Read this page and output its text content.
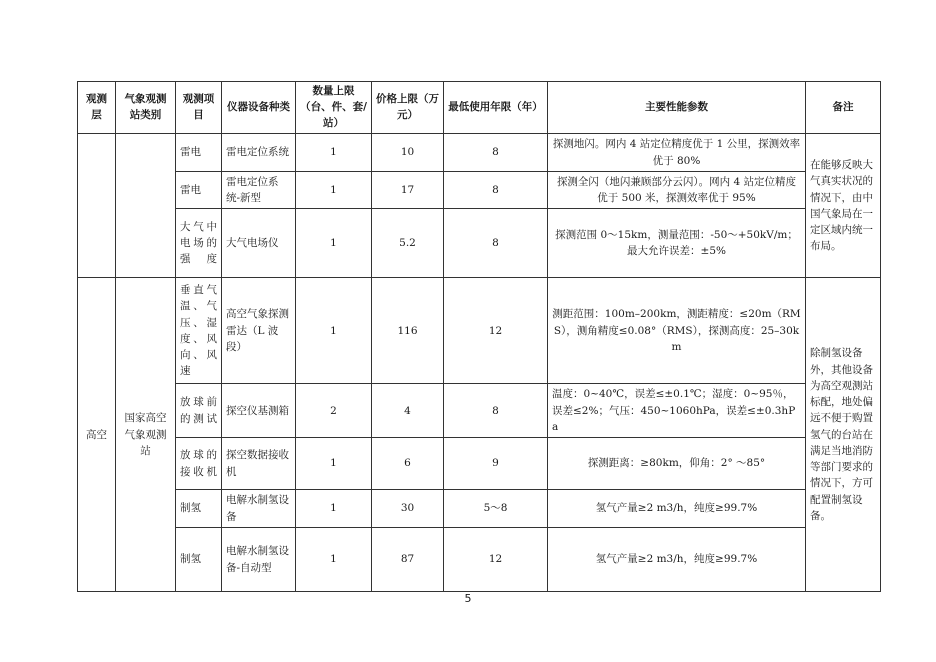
观测层	气象观测站类别	观测项目	仪器设备种类	数量上限（台、件、套/站）	价格上限（万元）	最低使用年限（年）	主要性能参数	备注
		雷电	雷电定位系统	1	10	8	探测地闪。网内 4 站定位精度优于 1 公里，探测效率优于 80%	在能够反映大气真实状况的情况下，由中国气象局在一定区域内统一布局。
		雷电	雷电定位系统-新型	1	17	8	探测全闪（地闪兼顾部分云闪）。网内 4 站定位精度优于 500 米，探测效率优于 95%	
		大气中电场的强度	大气电场仪	1	5.2	8	探测范围 0～15km，测量范围：-50～+50kV/m；最大允许误差：±5%	
高空	国家高空气象观测站	垂直气温、气压、湿度、风向、风速	高空气象探测雷达（L 波段）	1	116	12	测距范围：100m–200km，测距精度：≤20m（RMS），测角精度≤0.08°（RMS），探测高度：25–30km	除制氢设备外，其他设备为高空观测站标配，地处偏远不便于购置氢气的台站在满足当地消防等部门要求的情况下，方可配置制氢设备。
		放球前的测试	探空仪基测箱	2	4	8	温度：0~40℃，误差≤±0.1℃；湿度：0~95％，误差≤2%；气压：450~1060hPa，误差≤±0.3hPa	
		放球的接收机	探空数据接收机	1	6	9	探测距离：≥80km，仰角：2° ～85°	
		制氢	电解水制氢设备	1	30	5～8	氢气产量≥2 m3/h，纯度≥99.7%	
		制氢	电解水制氢设备-自动型	1	87	12	氢气产量≥2 m3/h，纯度≥99.7%	
5
